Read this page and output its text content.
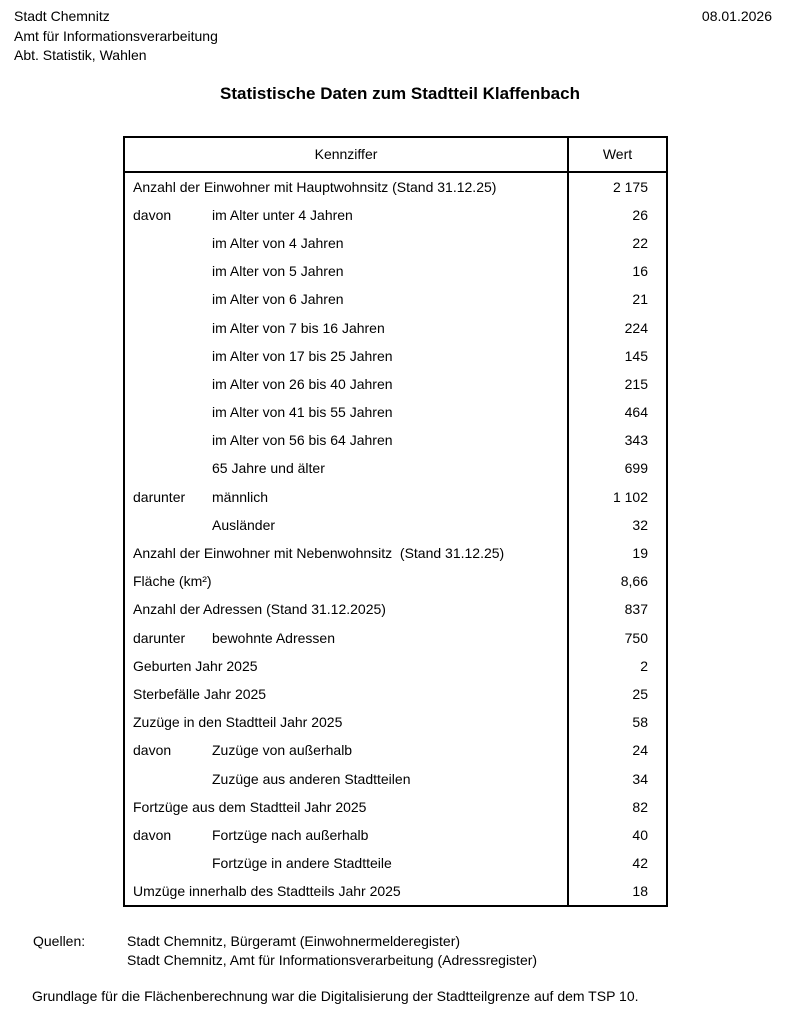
Stadt Chemnitz
Amt für Informationsverarbeitung
Abt. Statistik, Wahlen
08.01.2026
Statistische Daten zum Stadtteil Klaffenbach
Kennziffer	Wert
Anzahl der Einwohner mit Hauptwohnsitz (Stand 31.12.25)	2 175
davon	im Alter unter 4 Jahren	26
im Alter von 4 Jahren	22
im Alter von 5 Jahren	16
im Alter von 6 Jahren	21
im Alter von 7 bis 16 Jahren	224
im Alter von 17 bis 25 Jahren	145
im Alter von 26 bis 40 Jahren	215
im Alter von 41 bis 55 Jahren	464
im Alter von 56 bis 64 Jahren	343
65 Jahre und älter	699
darunter	männlich	1 102
Ausländer	32
Anzahl der Einwohner mit Nebenwohnsitz  (Stand 31.12.25)	19
Fläche (km²)	8,66
Anzahl der Adressen (Stand 31.12.2025)	837
darunter	bewohnte Adressen	750
Geburten Jahr 2025	2
Sterbefälle Jahr 2025	25
Zuzüge in den Stadtteil Jahr 2025	58
davon	Zuzüge von außerhalb	24
Zuzüge aus anderen Stadtteilen	34
Fortzüge aus dem Stadtteil Jahr 2025	82
davon	Fortzüge nach außerhalb	40
Fortzüge in andere Stadtteile	42
Umzüge innerhalb des Stadtteils Jahr 2025	18
Quellen:	Stadt Chemnitz, Bürgeramt (Einwohnermelderegister)
Stadt Chemnitz, Amt für Informationsverarbeitung (Adressregister)
Grundlage für die Flächenberechnung war die Digitalisierung der Stadtteilgrenze auf dem TSP 10.
